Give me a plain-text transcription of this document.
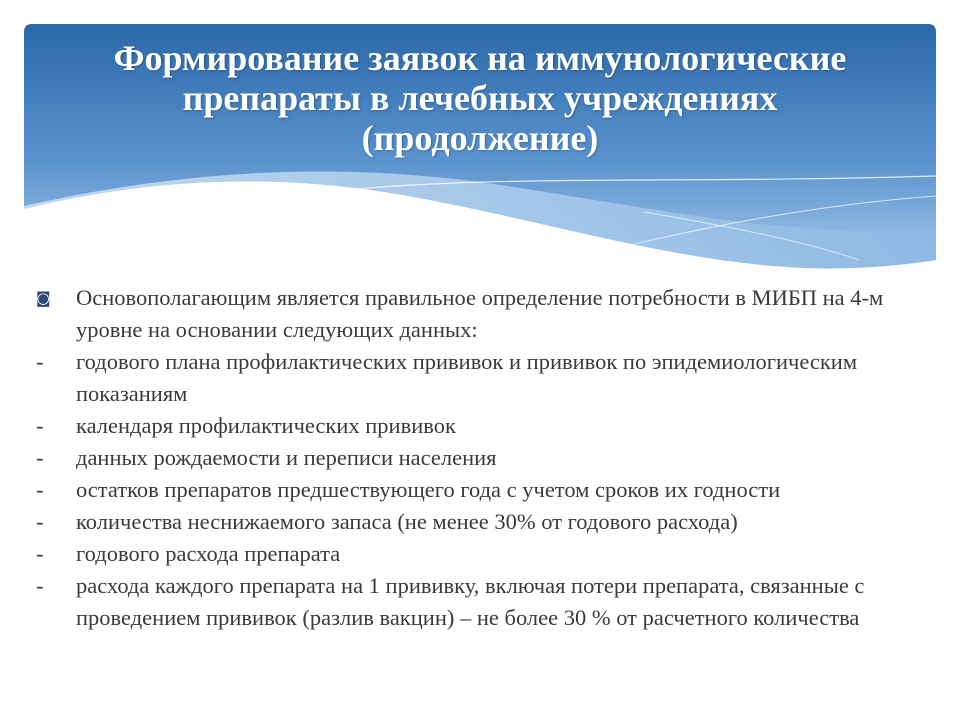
Формирование заявок на иммунологические
препараты в лечебных учреждениях
(продолжение)
◙	Основополагающим является правильное определение потребности в МИБП на 4-м уровне на основании следующих данных:
-	годового плана профилактических прививок и прививок по эпидемиологическим показаниям
-	календаря профилактических прививок
-	данных рождаемости и переписи населения
-	остатков препаратов предшествующего года с учетом сроков их годности
-	количества неснижаемого запаса (не менее 30% от годового расхода)
-	годового расхода препарата
-	расхода каждого препарата на 1 прививку, включая потери препарата, связанные с проведением прививок (разлив вакцин) – не более 30 % от расчетного количества
